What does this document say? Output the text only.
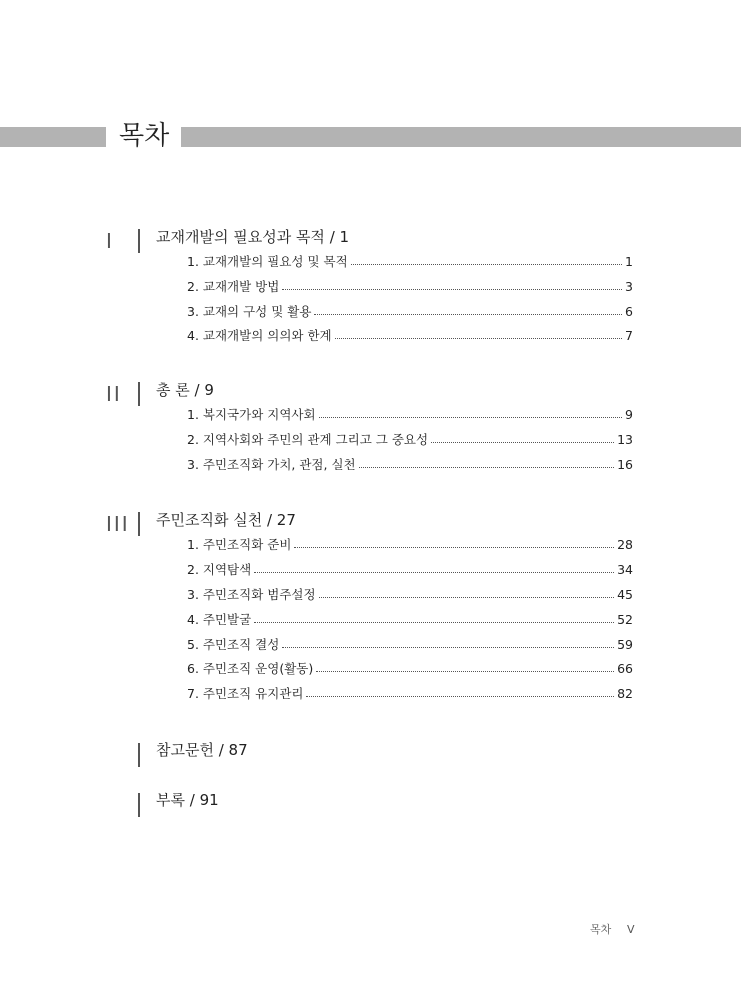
목차
I	교재개발의 필요성과 목적 / 1
1. 교재개발의 필요성 및 목적	1
2. 교재개발 방법	3
3. 교재의 구성 및 활용	6
4. 교재개발의 의의와 한계	7
II	총 론 / 9
1. 복지국가와 지역사회	9
2. 지역사회와 주민의 관계 그리고 그 중요성	13
3. 주민조직화 가치, 관점, 실천	16
III 주민조직화 실천 / 27
1. 주민조직화 준비	28
2. 지역탐색	34
3. 주민조직화 범주설정	45
4. 주민발굴	52
5. 주민조직 결성	59
6. 주민조직 운영(활동)	66
7. 주민조직 유지관리	82
참고문헌 / 87
부록 / 91
목차 V
